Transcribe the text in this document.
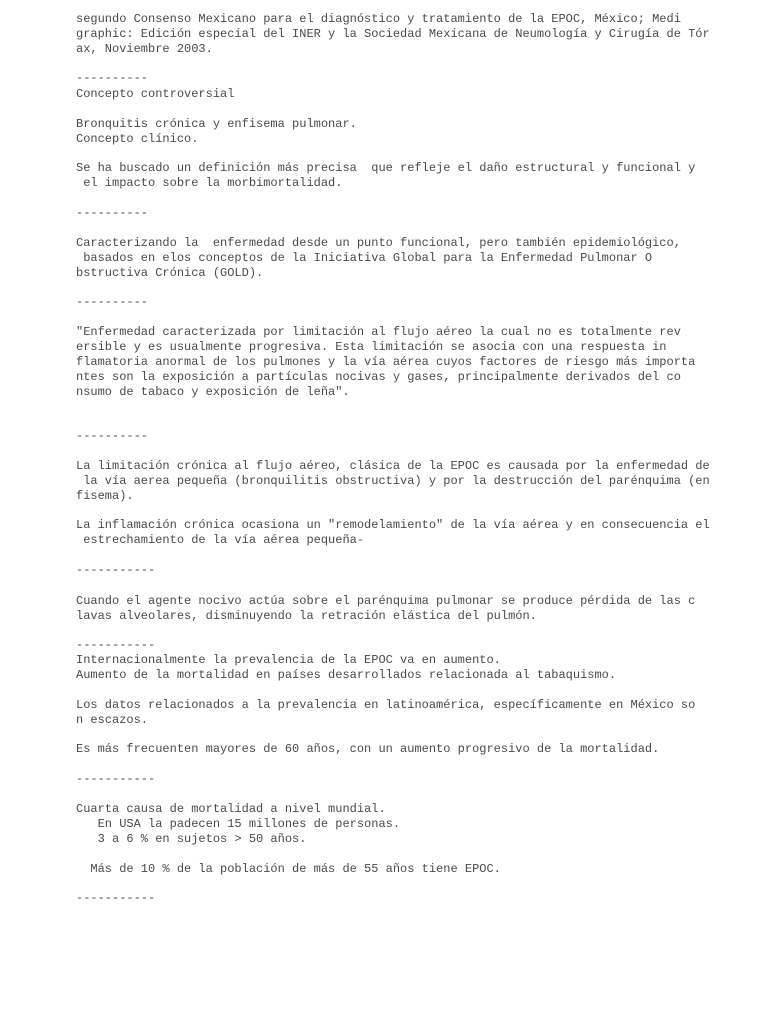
segundo Consenso Mexicano para el diagnóstico y tratamiento de la EPOC, México; Medi
graphic: Edición especial del INER y la Sociedad Mexicana de Neumología y Cirugía de Tór
ax, Noviembre 2003.
----------
Concepto controversial
Bronquitis crónica y enfisema pulmonar.
Concepto clínico.
Se ha buscado un definición más precisa  que refleje el daño estructural y funcional y
el impacto sobre la morbimortalidad.
----------
Caracterizando la  enfermedad desde un punto funcional, pero también epidemiológico,
basados en elos conceptos de la Iniciativa Global para la Enfermedad Pulmonar O
bstructiva Crónica (GOLD).
----------
"Enfermedad caracterizada por limitación al flujo aéreo la cual no es totalmente rev
ersible y es usualmente progresiva. Esta limitación se asocia con una respuesta in
flamatoria anormal de los pulmones y la vía aérea cuyos factores de riesgo más importa
ntes son la exposición a partículas nocivas y gases, principalmente derivados del co
nsumo de tabaco y exposición de leña".
----------
La limitación crónica al flujo aéreo, clásica de la EPOC es causada por la enfermedad de
la vía aerea pequeña (bronquilitis obstructiva) y por la destrucción del parénquima (en
fisema).
La inflamación crónica ocasiona un "remodelamiento" de la vía aérea y en consecuencia el
estrechamiento de la vía aérea pequeña-
-----------
Cuando el agente nocivo actúa sobre el parénquima pulmonar se produce pérdida de las c
lavas alveolares, disminuyendo la retración elástica del pulmón.
-----------
Internacionalmente la prevalencia de la EPOC va en aumento.
Aumento de la mortalidad en países desarrollados relacionada al tabaquismo.
Los datos relacionados a la prevalencia en latinoamérica, específicamente en México so
n escazos.
Es más frecuenten mayores de 60 años, con un aumento progresivo de la mortalidad.
-----------
Cuarta causa de mortalidad a nivel mundial.
En USA la padecen 15 millones de personas.
3 a 6 % en sujetos > 50 años.
Más de 10 % de la población de más de 55 años tiene EPOC.
-----------
